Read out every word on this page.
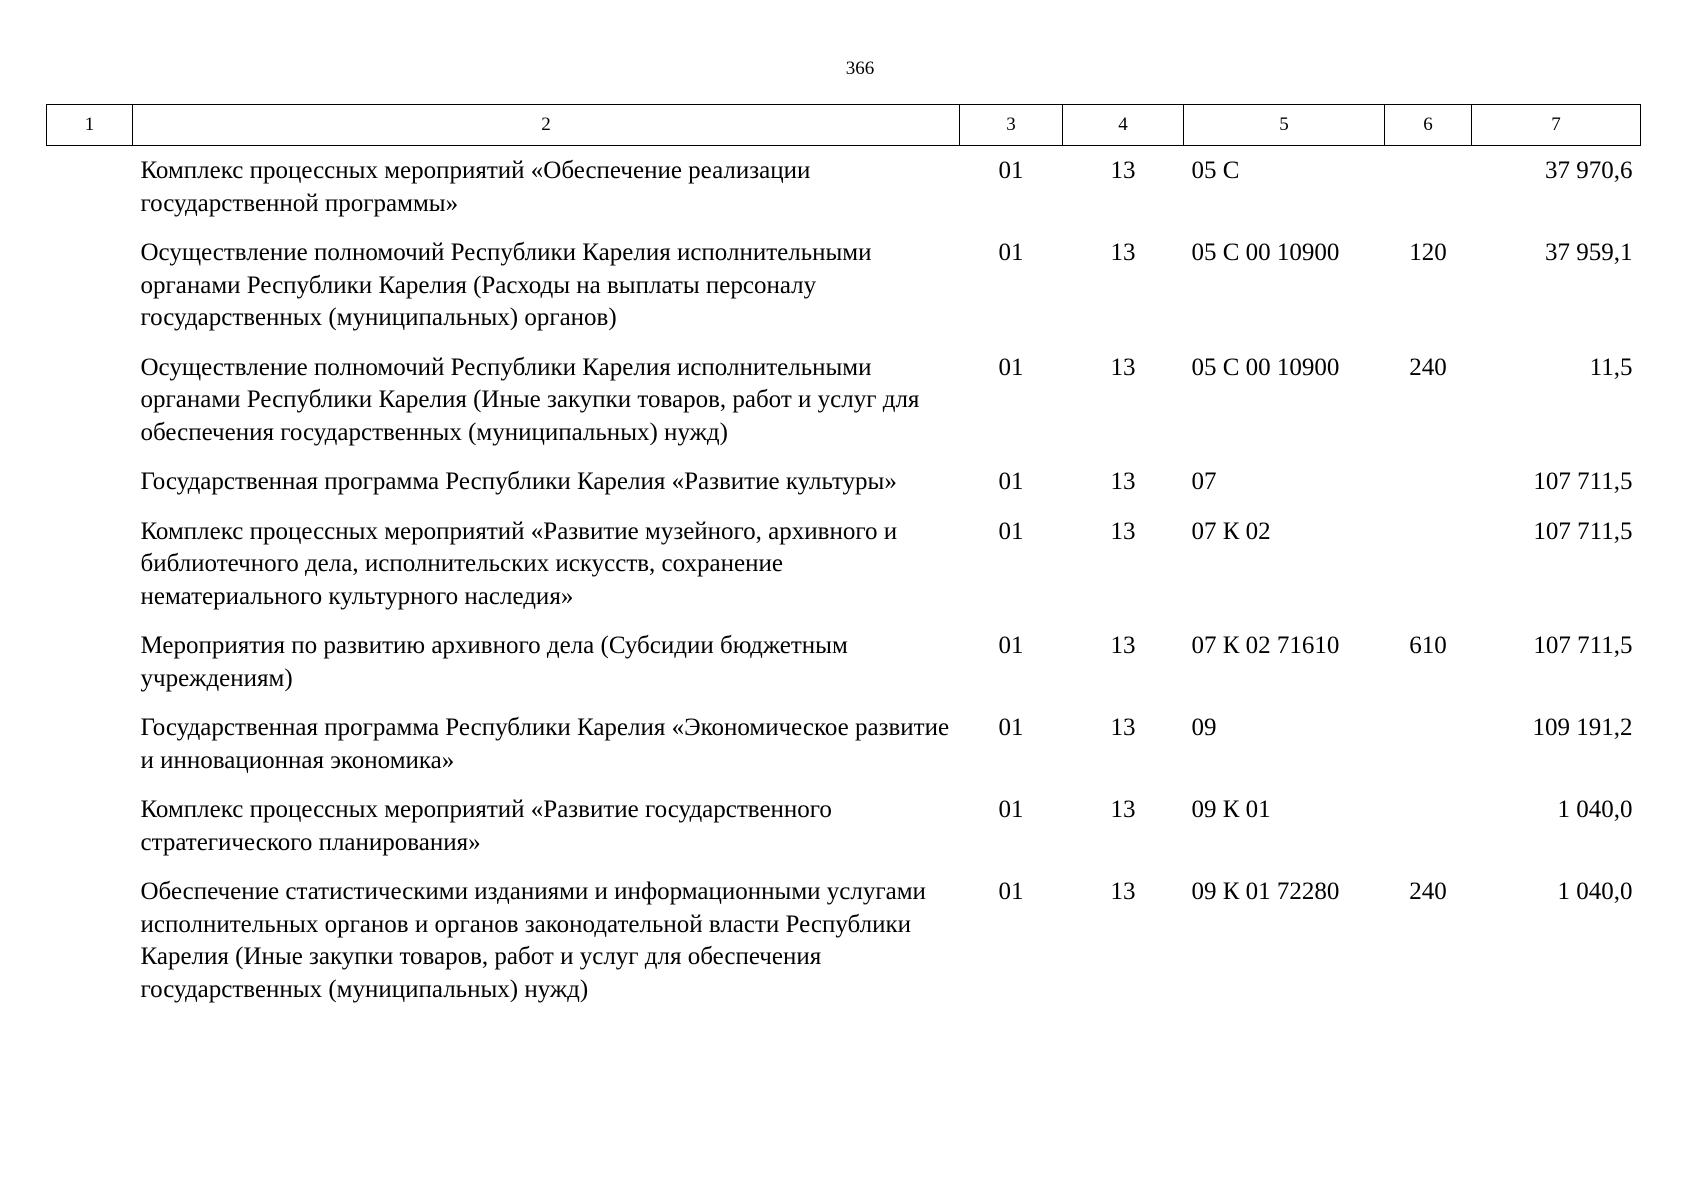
366
1	2	3	4	5	6	7
	Комплекс процессных мероприятий «Обеспечение реализации государственной программы»	01	13	05 С		37 970,6
	Осуществление полномочий Республики Карелия исполнительными органами Республики Карелия (Расходы на выплаты персоналу государственных (муниципальных) органов)	01	13	05 С 00 10900	120	37 959,1
	Осуществление полномочий Республики Карелия исполнительными органами Республики Карелия (Иные закупки товаров, работ и услуг для обеспечения государственных (муниципальных) нужд)	01	13	05 С 00 10900	240	11,5
	Государственная программа Республики Карелия «Развитие культуры»	01	13	07		107 711,5
	Комплекс процессных мероприятий «Развитие музейного, архивного и библиотечного дела, исполнительских искусств, сохранение нематериального культурного наследия»	01	13	07 К 02		107 711,5
	Мероприятия по развитию архивного дела (Субсидии бюджетным учреждениям)	01	13	07 К 02 71610	610	107 711,5
	Государственная программа Республики Карелия «Экономическое развитие и инновационная экономика»	01	13	09		109 191,2
	Комплекс процессных мероприятий «Развитие государственного стратегического планирования»	01	13	09 К 01		1 040,0
	Обеспечение статистическими изданиями и информационными услугами исполнительных органов и органов законодательной власти Республики Карелия (Иные закупки товаров, работ и услуг для обеспечения государственных (муниципальных) нужд)	01	13	09 К 01 72280	240	1 040,0
